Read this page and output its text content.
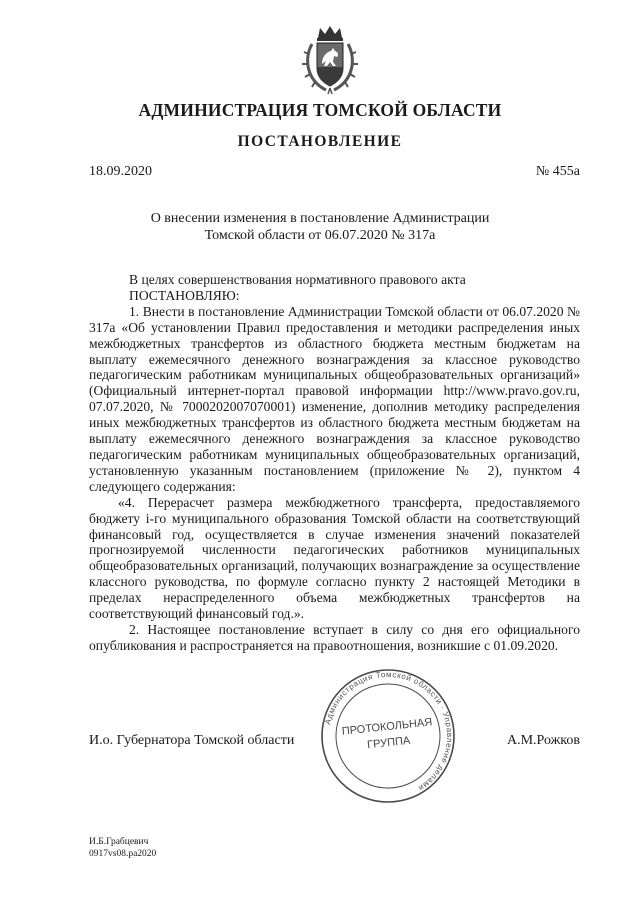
АДМИНИСТРАЦИЯ ТОМСКОЙ ОБЛАСТИ
ПОСТАНОВЛЕНИЕ
18.09.2020	№ 455а
О внесении изменения в постановление Администрации
Томской области от 06.07.2020 № 317а

В целях совершенствования нормативного правового акта

ПОСТАНОВЛЯЮ:

1. Внести в постановление Администрации Томской области от 06.07.2020 № 317а «Об установлении Правил предоставления и методики распределения иных межбюджетных трансфертов из областного бюджета местным бюджетам на выплату ежемесячного денежного вознаграждения за классное руководство педагогическим работникам муниципальных общеобразовательных организаций» (Официальный интернет-портал правовой информации http://www.pravo.gov.ru, 07.07.2020, № 7000202007070001) изменение, дополнив методику распределения иных межбюджетных трансфертов из областного бюджета местным бюджетам на выплату ежемесячного денежного вознаграждения за классное руководство педагогическим работникам муниципальных общеобразовательных организаций, установленную указанным постановлением (приложение № 2), пунктом 4 следующего содержания:

«4. Перерасчет размера межбюджетного трансферта, предоставляемого бюджету i-го муниципального образования Томской области на соответствующий финансовый год, осуществляется в случае изменения значений показателей прогнозируемой численности педагогических работников муниципальных общеобразовательных организаций, получающих вознаграждение за осуществление классного руководства, по формуле согласно пункту 2 настоящей Методики в пределах нераспределенного объема межбюджетных трансфертов на соответствующий финансовый год.».

2. Настоящее постановление вступает в силу со дня его официального опубликования и распространяется на правоотношения, возникшие с 01.09.2020.

ПРОТОКОЛЬНАЯ
ГРУППА
Администрация Томской области · Управление делами
И.о. Губернатора Томской области	А.М.Рожков
И.Б.Грабцевич
0917vs08.pa2020
